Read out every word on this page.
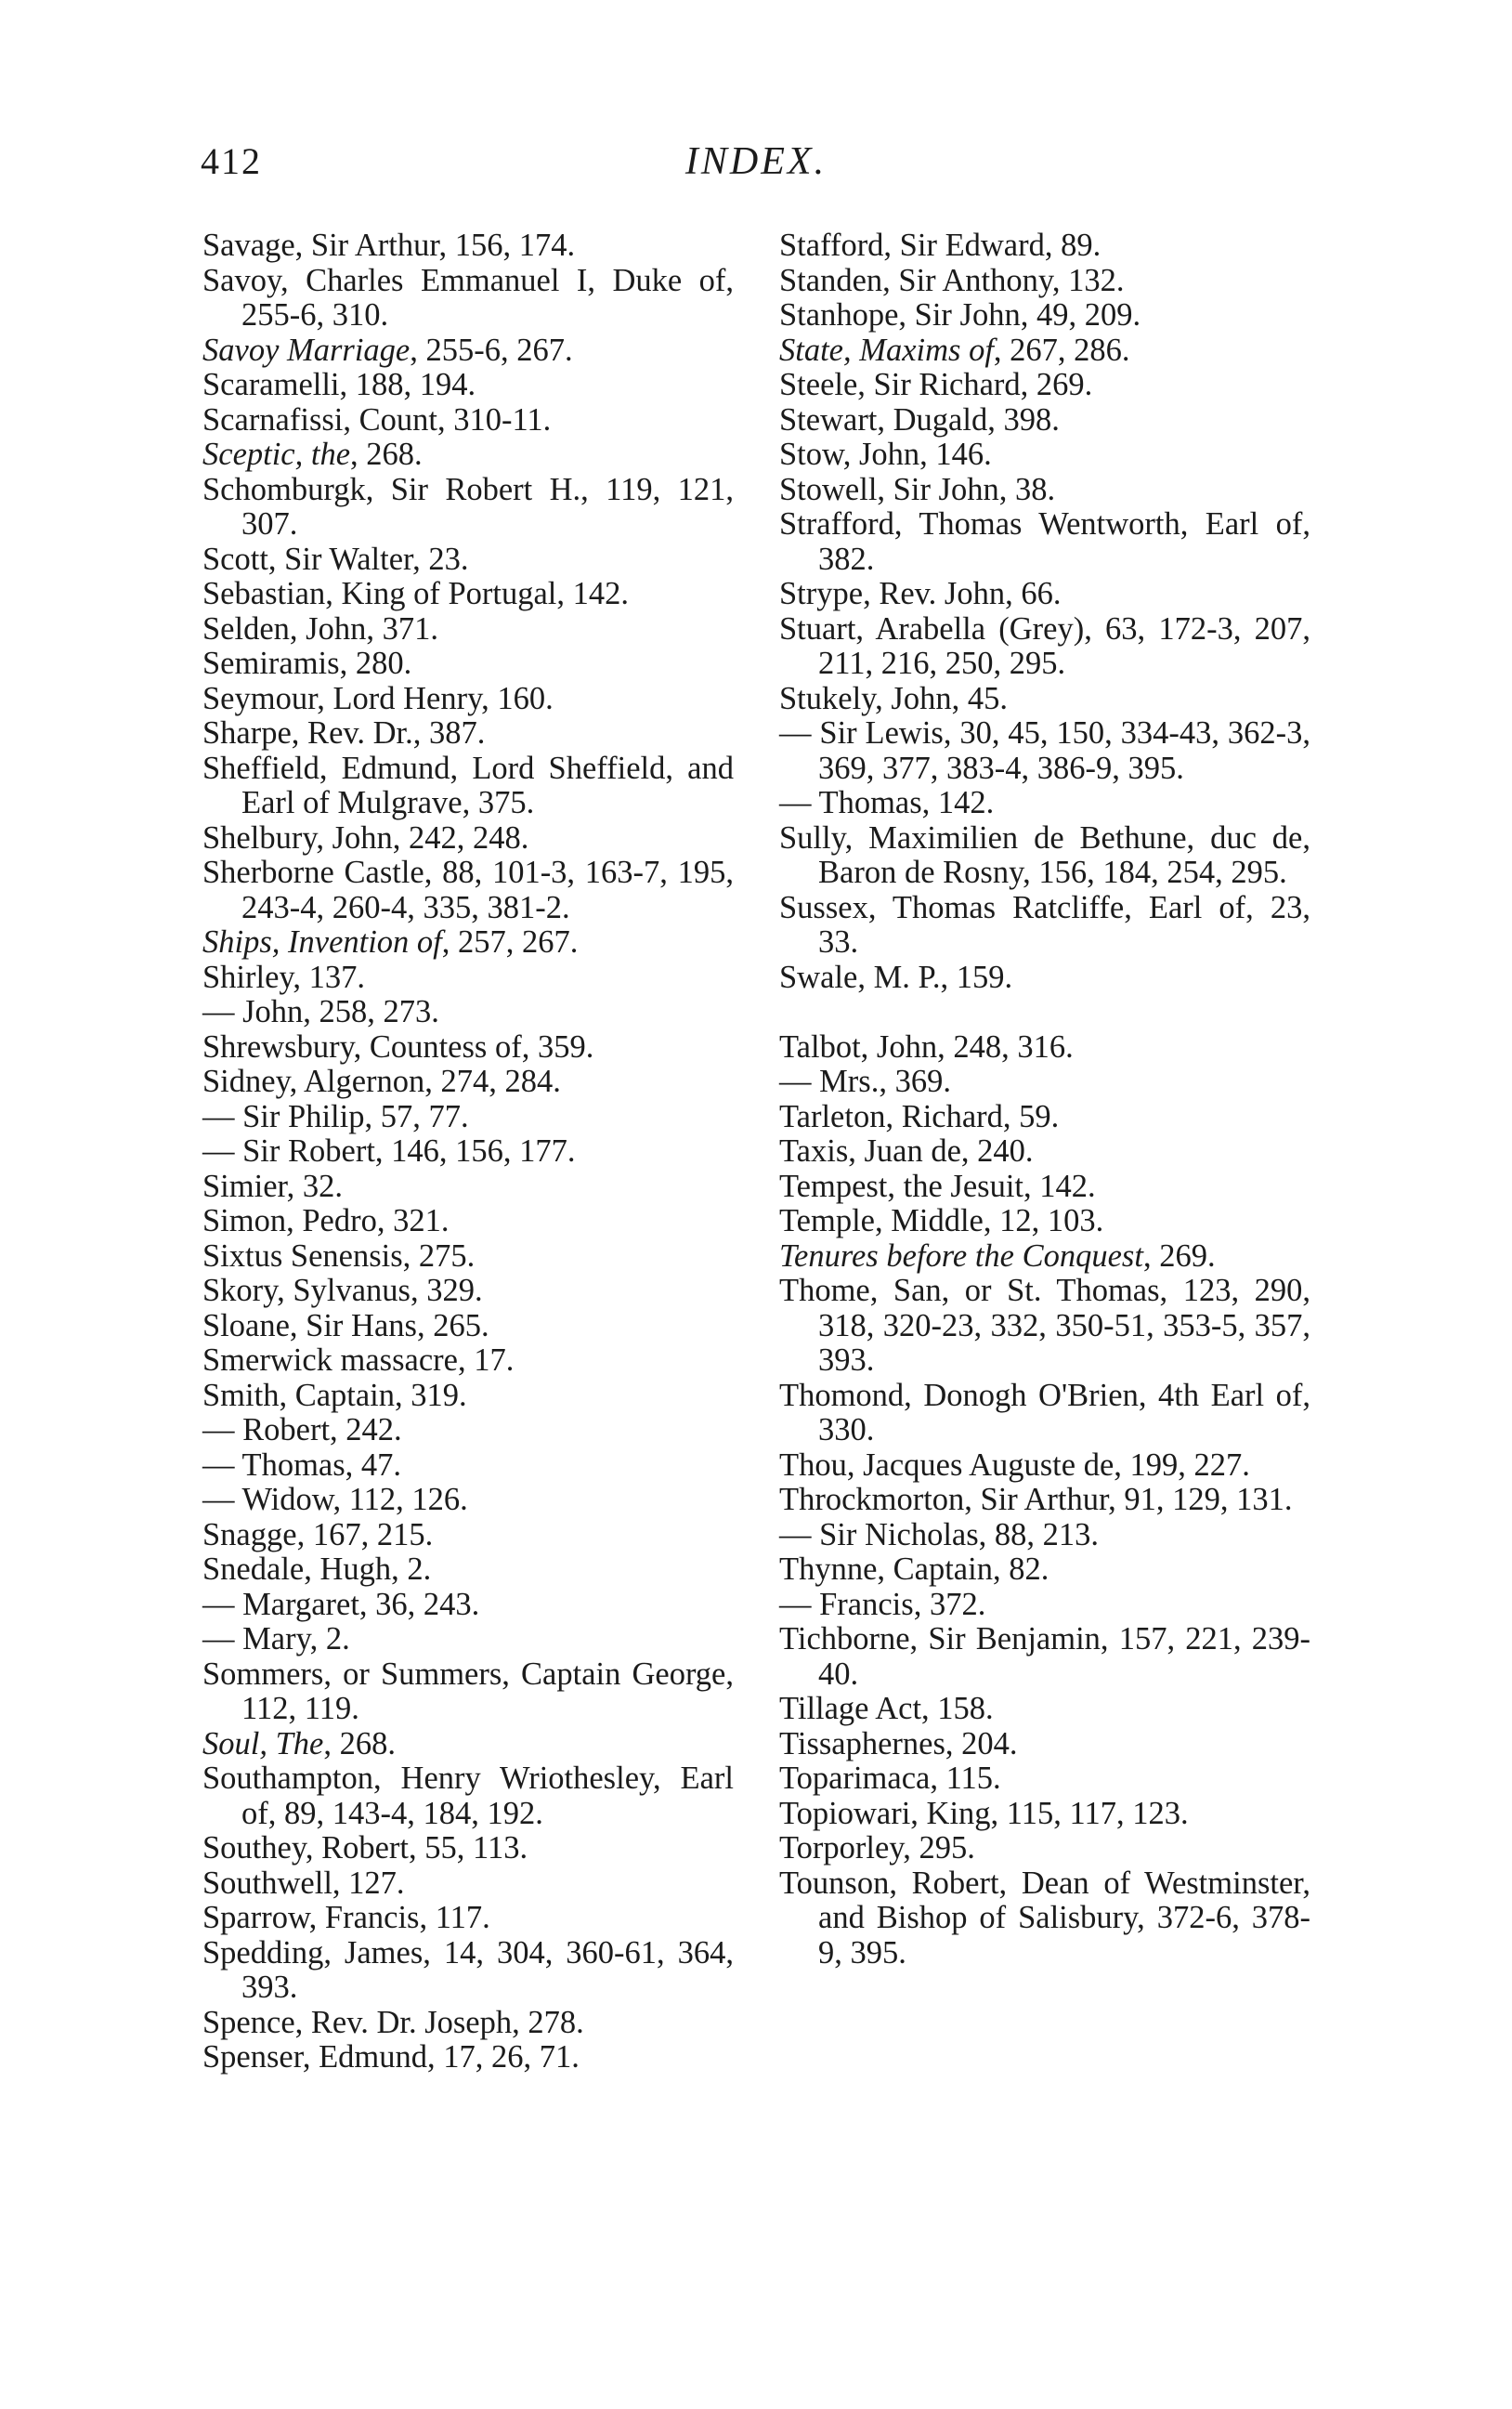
412	INDEX.
Savage, Sir Arthur, 156, 174.
Savoy, Charles Emmanuel I, Duke of, 255-6, 310.
Savoy Marriage, 255-6, 267.
Scaramelli, 188, 194.
Scarnafissi, Count, 310-11.
Sceptic, the, 268.
Schomburgk, Sir Robert H., 119, 121, 307.
Scott, Sir Walter, 23.
Sebastian, King of Portugal, 142.
Selden, John, 371.
Semiramis, 280.
Seymour, Lord Henry, 160.
Sharpe, Rev. Dr., 387.
Sheffield, Edmund, Lord Sheffield, and Earl of Mulgrave, 375.
Shelbury, John, 242, 248.
Sherborne Castle, 88, 101-3, 163-7, 195, 243-4, 260-4, 335, 381-2.
Ships, Invention of, 257, 267.
Shirley, 137.
— John, 258, 273.
Shrewsbury, Countess of, 359.
Sidney, Algernon, 274, 284.
— Sir Philip, 57, 77.
— Sir Robert, 146, 156, 177.
Simier, 32.
Simon, Pedro, 321.
Sixtus Senensis, 275.
Skory, Sylvanus, 329.
Sloane, Sir Hans, 265.
Smerwick massacre, 17.
Smith, Captain, 319.
— Robert, 242.
— Thomas, 47.
— Widow, 112, 126.
Snagge, 167, 215.
Snedale, Hugh, 2.
— Margaret, 36, 243.
— Mary, 2.
Sommers, or Summers, Captain George, 112, 119.
Soul, The, 268.
Southampton, Henry Wriothesley, Earl of, 89, 143-4, 184, 192.
Southey, Robert, 55, 113.
Southwell, 127.
Sparrow, Francis, 117.
Spedding, James, 14, 304, 360-61, 364, 393.
Spence, Rev. Dr. Joseph, 278.
Spenser, Edmund, 17, 26, 71.
Stafford, Sir Edward, 89.
Standen, Sir Anthony, 132.
Stanhope, Sir John, 49, 209.
State, Maxims of, 267, 286.
Steele, Sir Richard, 269.
Stewart, Dugald, 398.
Stow, John, 146.
Stowell, Sir John, 38.
Strafford, Thomas Wentworth, Earl of, 382.
Strype, Rev. John, 66.
Stuart, Arabella (Grey), 63, 172-3, 207, 211, 216, 250, 295.
Stukely, John, 45.
— Sir Lewis, 30, 45, 150, 334-43, 362-3, 369, 377, 383-4, 386-9, 395.
— Thomas, 142.
Sully, Maximilien de Bethune, duc de, Baron de Rosny, 156, 184, 254, 295.
Sussex, Thomas Ratcliffe, Earl of, 23, 33.
Swale, M. P., 159.
Talbot, John, 248, 316.
— Mrs., 369.
Tarleton, Richard, 59.
Taxis, Juan de, 240.
Tempest, the Jesuit, 142.
Temple, Middle, 12, 103.
Tenures before the Conquest, 269.
Thome, San, or St. Thomas, 123, 290, 318, 320-23, 332, 350-51, 353-5, 357, 393.
Thomond, Donogh O'Brien, 4th Earl of, 330.
Thou, Jacques Auguste de, 199, 227.
Throckmorton, Sir Arthur, 91, 129, 131.
— Sir Nicholas, 88, 213.
Thynne, Captain, 82.
— Francis, 372.
Tichborne, Sir Benjamin, 157, 221, 239-40.
Tillage Act, 158.
Tissaphernes, 204.
Toparimaca, 115.
Topiowari, King, 115, 117, 123.
Torporley, 295.
Tounson, Robert, Dean of Westminster, and Bishop of Salisbury, 372-6, 378-9, 395.
